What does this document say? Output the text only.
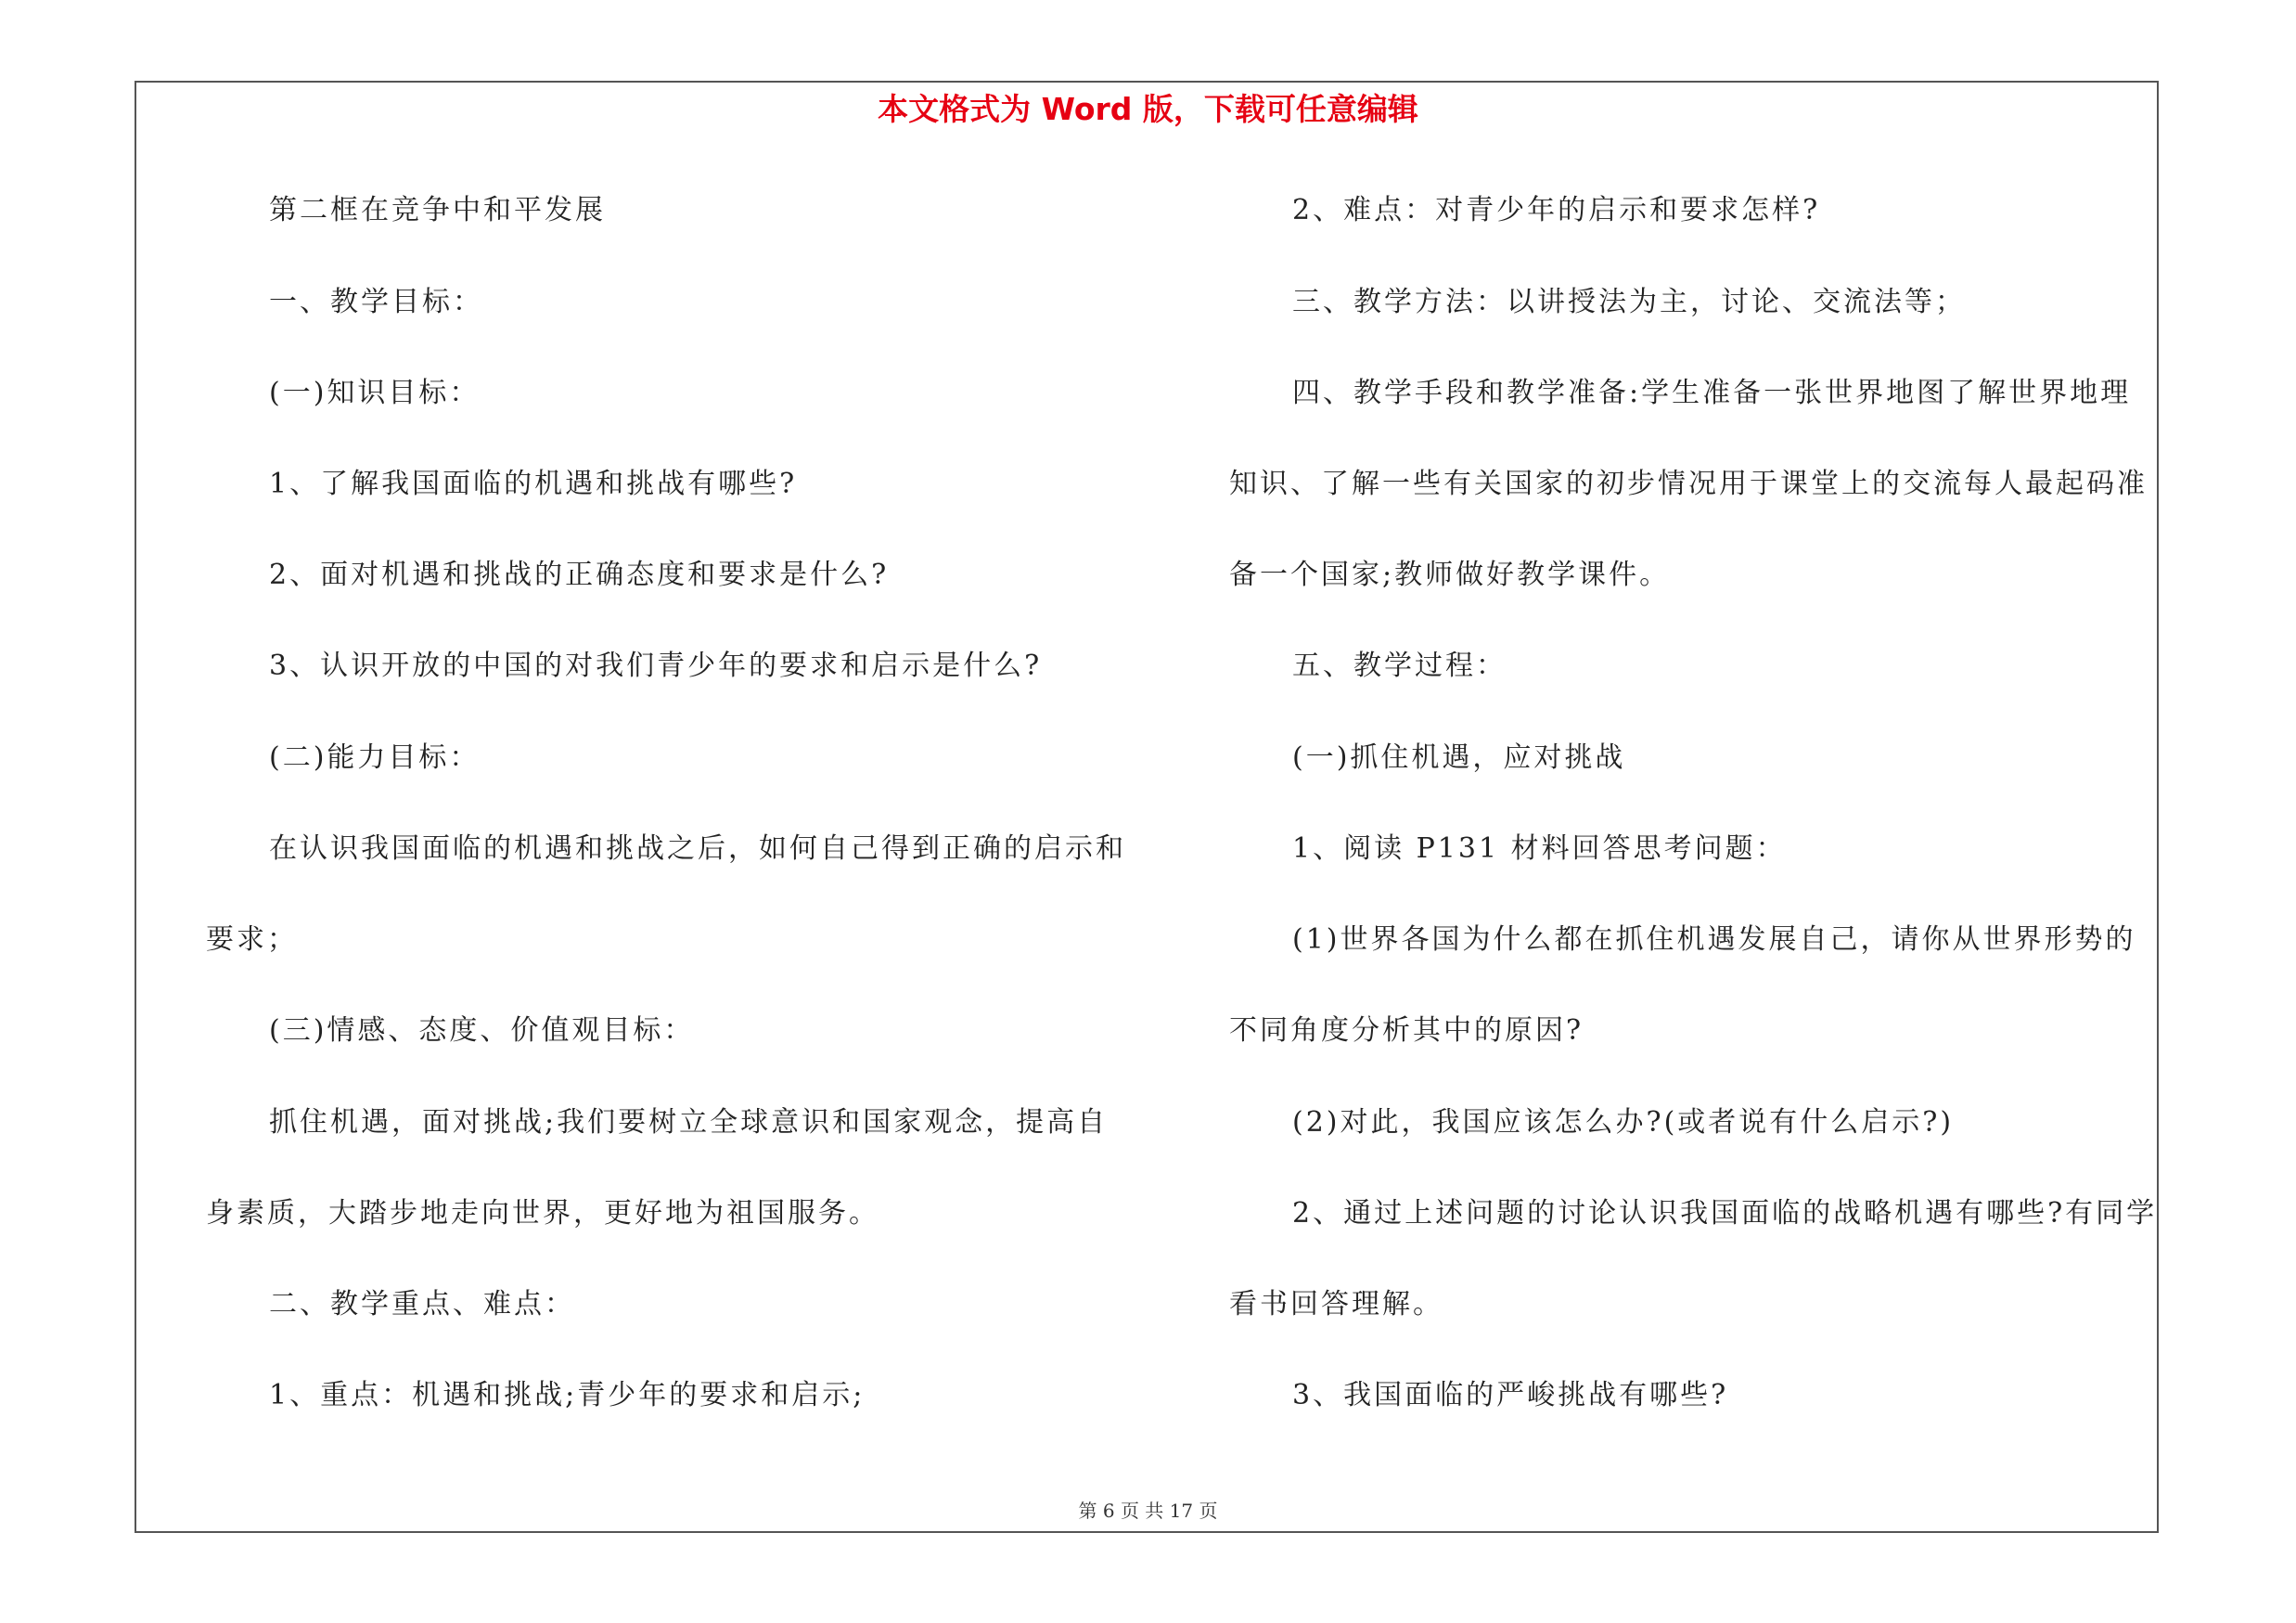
本文格式为 Word 版，下载可任意编辑
第二框在竞争中和平发展
一、教学目标：
(一)知识目标：
1、了解我国面临的机遇和挑战有哪些?
2、面对机遇和挑战的正确态度和要求是什么?
3、认识开放的中国的对我们青少年的要求和启示是什么?
(二)能力目标：
在认识我国面临的机遇和挑战之后，如何自己得到正确的启示和
要求；
(三)情感、态度、价值观目标：
抓住机遇，面对挑战;我们要树立全球意识和国家观念，提高自
身素质，大踏步地走向世界，更好地为祖国服务。
二、教学重点、难点：
1、重点：机遇和挑战;青少年的要求和启示;
2、难点：对青少年的启示和要求怎样?
三、教学方法：以讲授法为主，讨论、交流法等；
四、教学手段和教学准备:学生准备一张世界地图了解世界地理
知识、了解一些有关国家的初步情况用于课堂上的交流每人最起码准
备一个国家;教师做好教学课件。
五、教学过程：
(一)抓住机遇，应对挑战
1、阅读 P131 材料回答思考问题：
(1)世界各国为什么都在抓住机遇发展自己，请你从世界形势的
不同角度分析其中的原因?
(2)对此，我国应该怎么办?(或者说有什么启示?)
2、通过上述问题的讨论认识我国面临的战略机遇有哪些?有同学
看书回答理解。
3、我国面临的严峻挑战有哪些?
第 6 页 共 17 页
